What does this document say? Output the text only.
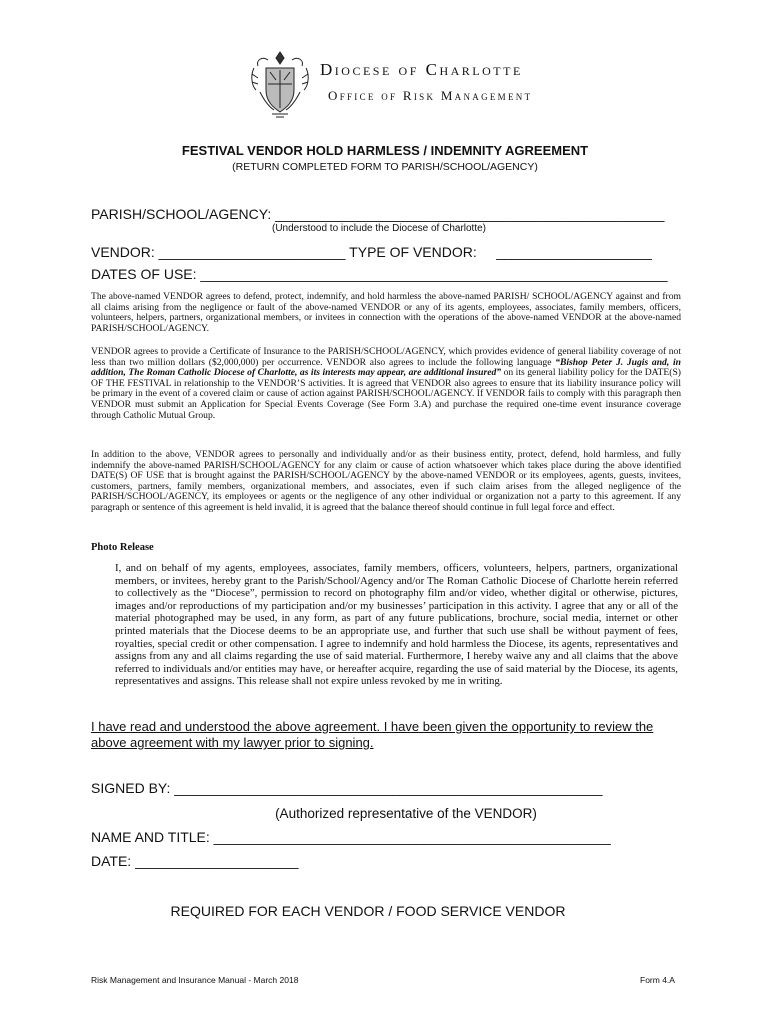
Diocese of Charlotte
Office of Risk Management
FESTIVAL VENDOR HOLD HARMLESS / INDEMNITY AGREEMENT
(RETURN COMPLETED FORM TO PARISH/SCHOOL/AGENCY)
PARISH/SCHOOL/AGENCY: __________________________________________________
(Understood to include the Diocese of Charlotte)
VENDOR: ________________________ TYPE OF VENDOR:     ____________________
DATES OF USE: ____________________________________________________________
The above-named VENDOR agrees to defend, protect, indemnify, and hold harmless the above-named PARISH/ SCHOOL/AGENCY against and from all claims arising from the negligence or fault of the above-named VENDOR or any of its agents, employees, associates, family members, officers, volunteers, helpers, partners, organizational members, or invitees in connection with the operations of the above-named VENDOR at the above-named PARISH/SCHOOL/AGENCY.
VENDOR agrees to provide a Certificate of Insurance to the PARISH/SCHOOL/AGENCY, which provides evidence of general liability coverage of not less than two million dollars ($2,000,000) per occurrence. VENDOR also agrees to include the following language “Bishop Peter J. Jugis and, in addition, The Roman Catholic Diocese of Charlotte, as its interests may appear, are additional insured” on its general liability policy for the DATE(S) OF THE FESTIVAL in relationship to the VENDOR’S activities. It is agreed that VENDOR also agrees to ensure that its liability insurance policy will be primary in the event of a covered claim or cause of action against PARISH/SCHOOL/AGENCY. If VENDOR fails to comply with this paragraph then VENDOR must submit an Application for Special Events Coverage (See Form 3.A) and purchase the required one-time event insurance coverage through Catholic Mutual Group.
In addition to the above, VENDOR agrees to personally and individually and/or as their business entity, protect, defend, hold harmless, and fully indemnify the above-named PARISH/SCHOOL/AGENCY for any claim or cause of action whatsoever which takes place during the above identified DATE(S) OF USE that is brought against the PARISH/SCHOOL/AGENCY by the above-named VENDOR or its employees, agents, guests, invitees, customers, partners, family members, organizational members, and associates, even if such claim arises from the alleged negligence of the PARISH/SCHOOL/AGENCY, its employees or agents or the negligence of any other individual or organization not a party to this agreement. If any paragraph or sentence of this agreement is held invalid, it is agreed that the balance thereof should continue in full legal force and effect.
Photo Release
I, and on behalf of my agents, employees, associates, family members, officers, volunteers, helpers, partners, organizational members, or invitees, hereby grant to the Parish/School/Agency and/or The Roman Catholic Diocese of Charlotte herein referred to collectively as the “Diocese”, permission to record on photography film and/or video, whether digital or otherwise, pictures, images and/or reproductions of my participation and/or my businesses’ participation in this activity. I agree that any or all of the material photographed may be used, in any form, as part of any future publications, brochure, social media, internet or other printed materials that the Diocese deems to be an appropriate use, and further that such use shall be without payment of fees, royalties, special credit or other compensation. I agree to indemnify and hold harmless the Diocese, its agents, representatives and assigns from any and all claims regarding the use of said material. Furthermore, I hereby waive any and all claims that the above referred to individuals and/or entities may have, or hereafter acquire, regarding the use of said material by the Diocese, its agents, representatives and assigns. This release shall not expire unless revoked by me in writing.
I have read and understood the above agreement. I have been given the opportunity to review the above agreement with my lawyer prior to signing.
SIGNED BY: _______________________________________________________
(Authorized representative of the VENDOR)
NAME AND TITLE: ___________________________________________________
DATE: _____________________
REQUIRED FOR EACH VENDOR / FOOD SERVICE VENDOR
Risk Management and Insurance Manual - March 2018	Form 4.A
